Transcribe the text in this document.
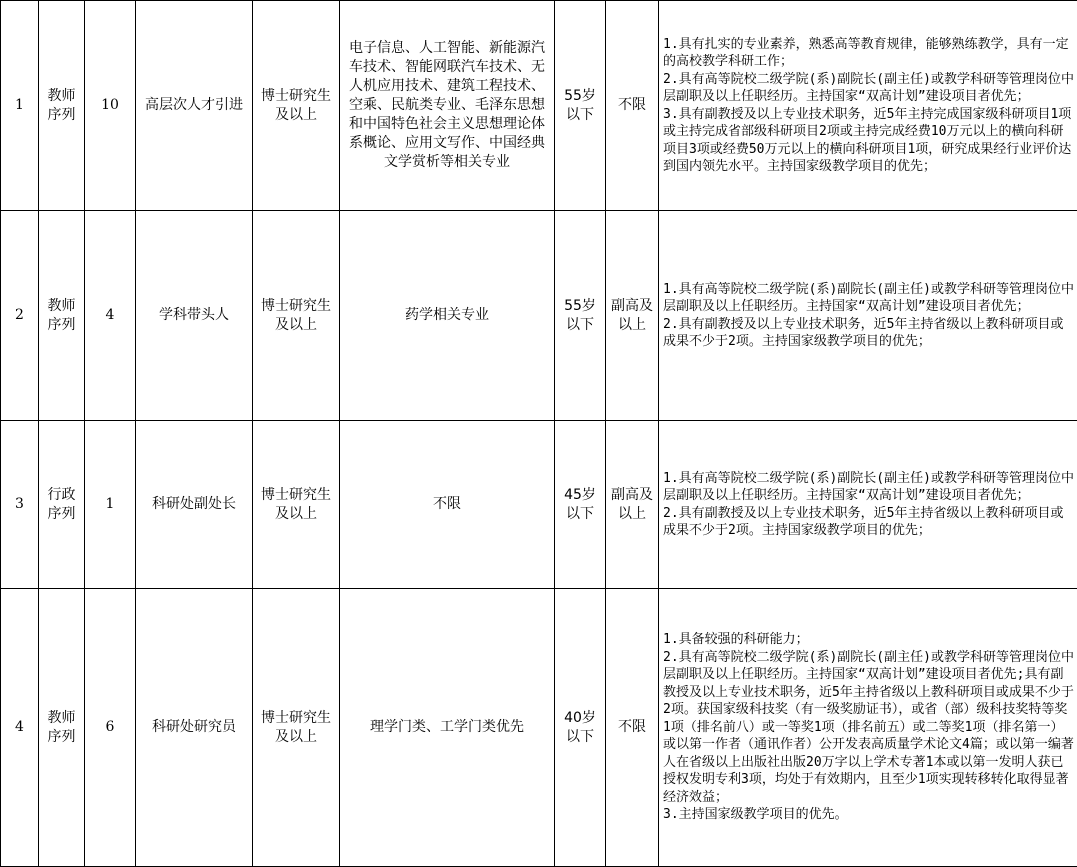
1	教师
序列	10	高层次人才引进	博士研究生
及以上	电子信息、人工智能、新能源汽车技术、智能网联汽车技术、无人机应用技术、建筑工程技术、空乘、民航类专业、毛泽东思想和中国特色社会主义思想理论体系概论、应用文写作、中国经典文学赏析等相关专业	55岁
以下	不限	1.具有扎实的专业素养，熟悉高等教育规律，能够熟练教学，具有一定的高校教学科研工作；
2.具有高等院校二级学院(系)副院长(副主任)或教学科研等管理岗位中层副职及以上任职经历。主持国家“双高计划”建设项目者优先；
3.具有副教授及以上专业技术职务，近5年主持完成国家级科研项目1项或主持完成省部级科研项目2项或主持完成经费10万元以上的横向科研项目3项或经费50万元以上的横向科研项目1项，研究成果经行业评价达到国内领先水平。主持国家级教学项目的优先；

2	教师
序列	4	学科带头人	博士研究生
及以上	药学相关专业	55岁
以下	副高及
以上	1.具有高等院校二级学院(系)副院长(副主任)或教学科研等管理岗位中层副职及以上任职经历。主持国家“双高计划”建设项目者优先；
2.具有副教授及以上专业技术职务，近5年主持省级以上教科研项目或成果不少于2项。主持国家级教学项目的优先；

3	行政
序列	1	科研处副处长	博士研究生
及以上	不限	45岁
以下	副高及
以上	1.具有高等院校二级学院(系)副院长(副主任)或教学科研等管理岗位中层副职及以上任职经历。主持国家“双高计划”建设项目者优先；
2.具有副教授及以上专业技术职务，近5年主持省级以上教科研项目或成果不少于2项。主持国家级教学项目的优先；

4	教师
序列	6	科研处研究员	博士研究生
及以上	理学门类、工学门类优先	40岁
以下	不限	1.具备较强的科研能力；
2.具有高等院校二级学院(系)副院长(副主任)或教学科研等管理岗位中层副职及以上任职经历。主持国家“双高计划”建设项目者优先;具有副教授及以上专业技术职务，近5年主持省级以上教科研项目或成果不少于2项。获国家级科技奖（有一级奖励证书），或省（部）级科技奖特等奖1项（排名前八）或一等奖1项（排名前五）或二等奖1项（排名第一）或以第一作者（通讯作者）公开发表高质量学术论文4篇；或以第一编著人在省级以上出版社出版20万字以上学术专著1本或以第一发明人获已授权发明专利3项，均处于有效期内，且至少1项实现转移转化取得显著经济效益；
3.主持国家级教学项目的优先。
